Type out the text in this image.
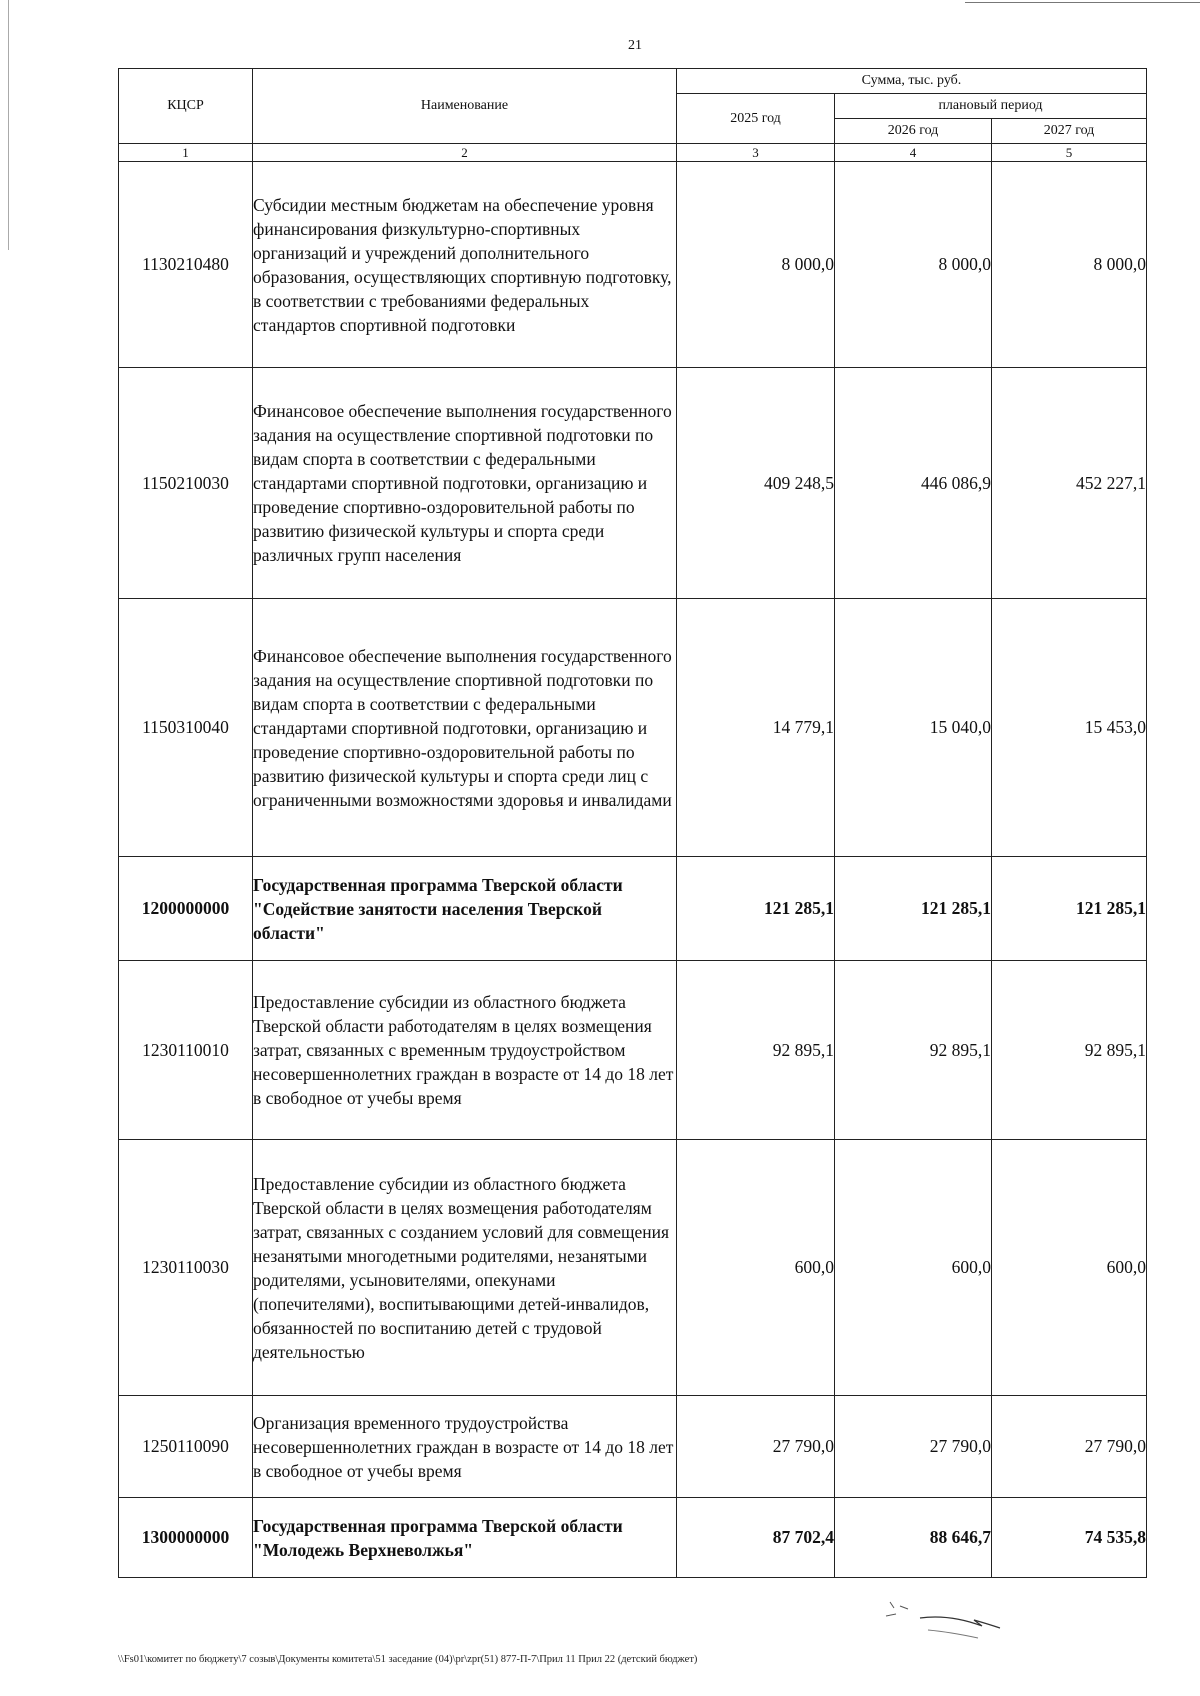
21
КЦСР	Наименование	Сумма, тыс. руб.		
		2025 год	плановый период	
			2026 год	2027 год
1	2	3	4	5
1130210480	Субсидии местным бюджетам на обеспечение уровня финансирования физкультурно-спортивных организаций и учреждений дополнительного образования, осуществляющих спортивную подготовку, в соответствии с требованиями федеральных стандартов спортивной подготовки	8 000,0	8 000,0	8 000,0
1150210030	Финансовое обеспечение выполнения государственного задания на осуществление спортивной подготовки по видам спорта в соответствии с федеральными стандартами спортивной подготовки, организацию и проведение спортивно-оздоровительной работы по развитию физической культуры и спорта среди различных групп населения	409 248,5	446 086,9	452 227,1
1150310040	Финансовое обеспечение выполнения государственного задания на осуществление спортивной подготовки по видам спорта в соответствии с федеральными стандартами спортивной подготовки, организацию и проведение спортивно-оздоровительной работы по развитию физической культуры и спорта среди лиц с ограниченными возможностями здоровья и инвалидами	14 779,1	15 040,0	15 453,0
1200000000	Государственная программа Тверской области "Содействие занятости населения Тверской области"	121 285,1	121 285,1	121 285,1
1230110010	Предоставление субсидии из областного бюджета Тверской области работодателям в целях возмещения затрат, связанных с временным трудоустройством несовершеннолетних граждан в возрасте от 14 до 18 лет в свободное от учебы время	92 895,1	92 895,1	92 895,1
1230110030	Предоставление субсидии из областного бюджета Тверской области в целях возмещения работодателям затрат, связанных с созданием условий для совмещения незанятыми многодетными родителями, незанятыми родителями, усыновителями, опекунами (попечителями), воспитывающими детей-инвалидов, обязанностей по воспитанию детей с трудовой деятельностью	600,0	600,0	600,0
1250110090	Организация временного трудоустройства несовершеннолетних граждан в возрасте от 14 до 18 лет в свободное от учебы время	27 790,0	27 790,0	27 790,0
1300000000	Государственная программа Тверской области "Молодежь Верхневолжья"	87 702,4	88 646,7	74 535,8
\\Fs01\комитет по бюджету\7 созыв\Документы комитета\51 заседание (04)\pr\zpr(51) 877-П-7\Прил 11 Прил 22 (детский бюджет)
